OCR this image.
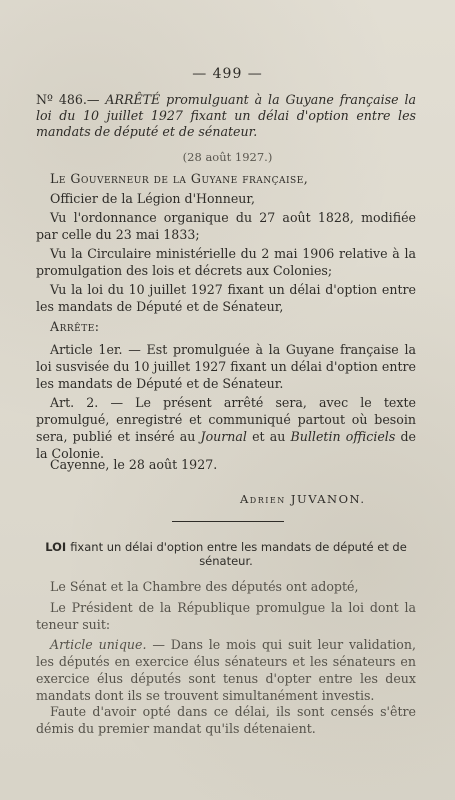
— 499 —
Nº 486.— ARRÊTÉ promulguant à la Guyane française la loi du 10 juillet 1927 fixant un délai d'option entre les mandats de député et de sénateur.
(28 août 1927.)
Le Gouverneur de la Guyane française,
Officier de la Légion d'Honneur,
Vu l'ordonnance organique du 27 août 1828, modifiée par celle du 23 mai 1833;
Vu la Circulaire ministérielle du 2 mai 1906 relative à la promulgation des lois et décrets aux Colonies;
Vu la loi du 10 juillet 1927 fixant un délai d'option entre les mandats de Député et de Sénateur,
Arrête:
Article 1er. — Est promulguée à la Guyane française la loi susvisée du 10 juillet 1927 fixant un délai d'option entre les mandats de Député et de Sénateur.
Art. 2. — Le présent arrêté sera, avec le texte promulgué, enregistré et communiqué partout où besoin sera, publié et inséré au Journal et au Bulletin officiels de la Colonie.
Cayenne, le 28 août 1927.
Adrien JUVANON.
LOI fixant un délai d'option entre les mandats de député et de sénateur.
Le Sénat et la Chambre des députés ont adopté,
Le Président de la République promulgue la loi dont la teneur suit:
Article unique. — Dans le mois qui suit leur validation, les députés en exercice élus sénateurs et les sénateurs en exercice élus députés sont tenus d'opter entre les deux mandats dont ils se trouvent simultanément investis.
Faute d'avoir opté dans ce délai, ils sont censés s'être démis du premier mandat qu'ils détenaient.
